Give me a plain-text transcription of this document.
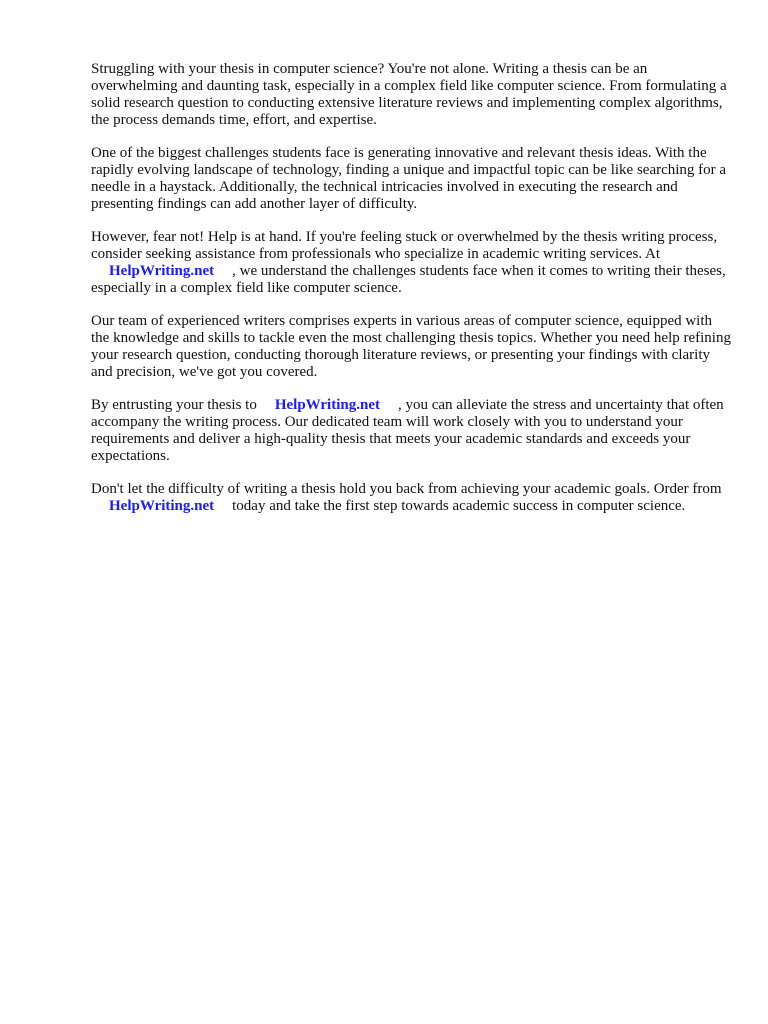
Struggling with your thesis in computer science? You're not alone. Writing a thesis can be an overwhelming and daunting task, especially in a complex field like computer science. From formulating a solid research question to conducting extensive literature reviews and implementing complex algorithms, the process demands time, effort, and expertise.

One of the biggest challenges students face is generating innovative and relevant thesis ideas. With the rapidly evolving landscape of technology, finding a unique and impactful topic can be like searching for a needle in a haystack. Additionally, the technical intricacies involved in executing the research and presenting findings can add another layer of difficulty.

However, fear not! Help is at hand. If you're feeling stuck or overwhelmed by the thesis writing process, consider seeking assistance from professionals who specialize in academic writing services. AtHelpWriting.net , we understand the challenges students face when it comes to writing their theses, especially in a complex field like computer science.

Our team of experienced writers comprises experts in various areas of computer science, equipped with the knowledge and skills to tackle even the most challenging thesis topics. Whether you need help refining your research question, conducting thorough literature reviews, or presenting your findings with clarity and precision, we've got you covered.

By entrusting your thesis to HelpWriting.net , you can alleviate the stress and uncertainty that often accompany the writing process. Our dedicated team will work closely with you to understand your requirements and deliver a high-quality thesis that meets your academic standards and exceeds your expectations.

Don't let the difficulty of writing a thesis hold you back from achieving your academic goals. Order fromHelpWriting.net today and take the first step towards academic success in computer science.
